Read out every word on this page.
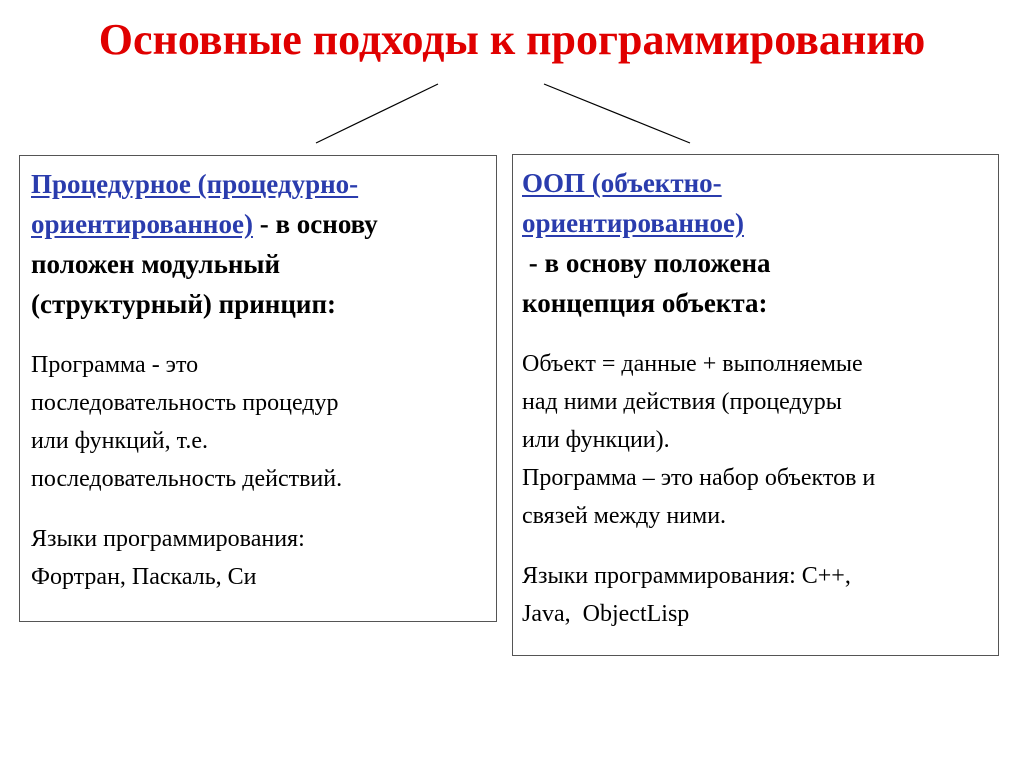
Основные подходы к программированию
Процедурное (процедурно-
ориентированное) - в основу
положен модульный
(структурный) принцип:
Программа - это
последовательность процедур
или функций, т.е.
последовательность действий.
Языки программирования:
Фортран, Паскаль, Си
ООП (объектно-
ориентированное)
- в основу положена
концепция объекта:
Объект = данные + выполняемые
над ними действия (процедуры
или функции).
Программа – это набор объектов и
связей между ними.
Языки программирования: С++,
Java,  ObjectLisp
